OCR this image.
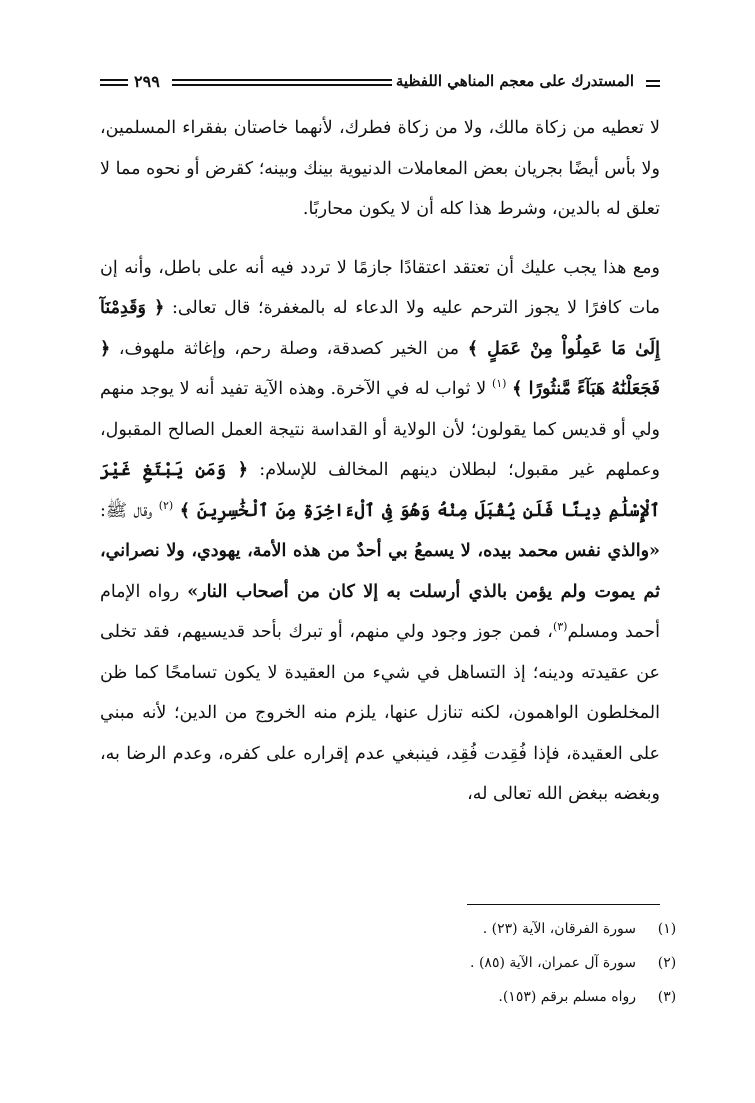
المستدرك على معجم المناهي اللفظية
٢٩٩

لا تعطيه من زكاة مالك، ولا من زكاة فطرك، لأنهما خاصتان بفقراء المسلمين، ولا بأس أيضًا بجريان بعض المعاملات الدنيوية بينك وبينه؛ كقرض أو نحوه مما لا تعلق له بالدين، وشرط هذا كله أن لا يكون محاربًا.

ومع هذا يجب عليك أن تعتقد اعتقادًا جازمًا لا تردد فيه أنه على باطل، وأنه إن مات كافرًا لا يجوز الترحم عليه ولا الدعاء له بالمغفرة؛ قال تعالى: ﴿ وَقَدِمْنَآ إِلَىٰ مَا عَمِلُواْ مِنْ عَمَلٍ ﴾ من الخير كصدقة، وصلة رحم، وإغاثة ملهوف، ﴿ فَجَعَلْنَٰهُ هَبَآءً مَّنثُورًا ﴾ $^{(١)}$ لا ثواب له في الآخرة. وهذه الآية تفيد أنه لا يوجد منهم ولي أو قديس كما يقولون؛ لأن الولاية أو القداسة نتيجة العمل الصالح المقبول، وعملهم غير مقبول؛ لبطلان دينهم المخالف للإسلام: ﴿ وَمَن يَبْتَغِ غَيْرَ ٱلْإِسْلَٰمِ دِينًا فَلَن يُقْبَلَ مِنْهُ وَهُوَ فِى ٱلْءَاخِرَةِ مِنَ ٱلْخَٰسِرِينَ ﴾ $^{(٢)}$ وقال ﷺ: «والذي نفس محمد بيده، لا يسمعُ بي أحدٌ من هذه الأمة، يهودي، ولا نصراني، ثم يموت ولم يؤمن بالذي أرسلت به إلا كان من أصحاب النار» رواه الإمام أحمد ومسلم$^{(٣)}$، فمن جوز وجود ولي منهم، أو تبرك بأحد قديسيهم، فقد تخلى عن عقيدته ودينه؛ إذ التساهل في شيء من العقيدة لا يكون تسامحًا كما ظن المخلطون الواهمون، لكنه تنازل عنها، يلزم منه الخروج من الدين؛ لأنه مبني على العقيدة، فإذا فُقِدت فُقِد، فينبغي عدم إقراره على كفره، وعدم الرضا به، وبغضه ببغض الله تعالى له،

(١)
سورة الفرقان، الآية (٢٣) .
(٢)
سورة آل عمران، الآية (٨٥) .
(٣)
رواه مسلم برقم (١٥٣).
